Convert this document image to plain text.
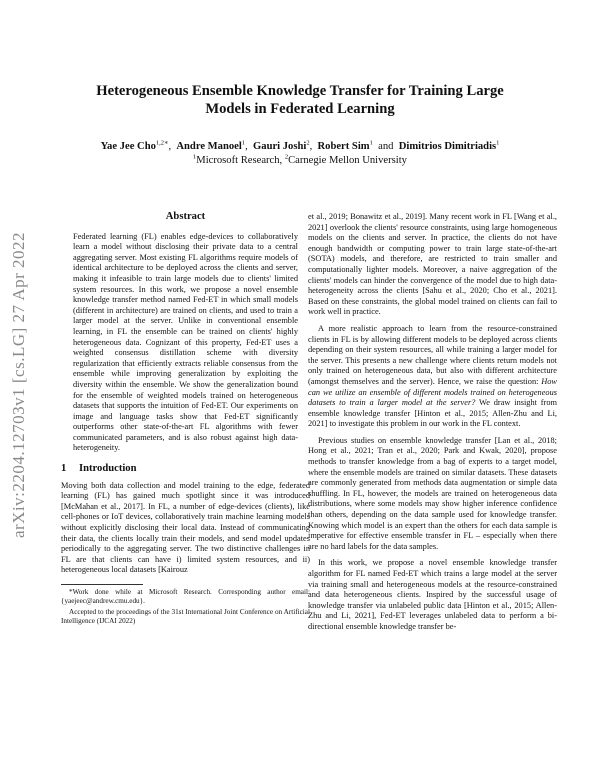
arXiv:2204.12703v1 [cs.LG] 27 Apr 2022
Heterogeneous Ensemble Knowledge Transfer for Training Large Models in Federated Learning
Yae Jee Cho$^{1,2∗}$, Andre Manoel$^1$, Gauri Joshi$^2$, Robert Sim$^1$ and Dimitrios Dimitriadis$^1$
$^1$Microsoft Research, $^2$Carnegie Mellon University
Abstract

Federated learning (FL) enables edge-devices to collaboratively learn a model without disclosing their private data to a central aggregating server. Most existing FL algorithms require models of identical architecture to be deployed across the clients and server, making it infeasible to train large models due to clients' limited system resources. In this work, we propose a novel ensemble knowledge transfer method named Fed-ET in which small models (different in architecture) are trained on clients, and used to train a larger model at the server. Unlike in conventional ensemble learning, in FL the ensemble can be trained on clients' highly heterogeneous data. Cognizant of this property, Fed-ET uses a weighted consensus distillation scheme with diversity regularization that efficiently extracts reliable consensus from the ensemble while improving generalization by exploiting the diversity within the ensemble. We show the generalization bound for the ensemble of weighted models trained on heterogeneous datasets that supports the intuition of Fed-ET. Our experiments on image and language tasks show that Fed-ET significantly outperforms other state-of-the-art FL algorithms with fewer communicated parameters, and is also robust against high data-heterogeneity.

1 Introduction

Moving both data collection and model training to the edge, federated learning (FL) has gained much spotlight since it was introduced [McMahan et al., 2017]. In FL, a number of edge-devices (clients), like cell-phones or IoT devices, collaboratively train machine learning models without explicitly disclosing their local data. Instead of communicating their data, the clients locally train their models, and send model updates periodically to the aggregating server. The two distinctive challenges in FL are that clients can have i) limited system resources, and ii) heterogeneous local datasets [Kairouz

*Work done while at Microsoft Research. Corresponding author email: {yaejeec@andrew.cmu.edu}.

Accepted to the proceedings of the 31st International Joint Conference on Artificial Intelligence (IJCAI 2022)

et al., 2019; Bonawitz et al., 2019]. Many recent work in FL [Wang et al., 2021] overlook the clients' resource constraints, using large homogeneous models on the clients and server. In practice, the clients do not have enough bandwidth or computing power to train large state-of-the-art (SOTA) models, and therefore, are restricted to train smaller and computationally lighter models. Moreover, a naive aggregation of the clients' models can hinder the convergence of the model due to high data-heterogeneity across the clients [Sahu et al., 2020; Cho et al., 2021]. Based on these constraints, the global model trained on clients can fail to work well in practice.

A more realistic approach to learn from the resource-constrained clients in FL is by allowing different models to be deployed across clients depending on their system resources, all while training a larger model for the server. This presents a new challenge where clients return models not only trained on heterogeneous data, but also with different architecture (amongst themselves and the server). Hence, we raise the question: How can we utilize an ensemble of different models trained on heterogeneous datasets to train a larger model at the server? We draw insight from ensemble knowledge transfer [Hinton et al., 2015; Allen-Zhu and Li, 2021] to investigate this problem in our work in the FL context.

Previous studies on ensemble knowledge transfer [Lan et al., 2018; Hong et al., 2021; Tran et al., 2020; Park and Kwak, 2020], propose methods to transfer knowledge from a bag of experts to a target model, where the ensemble models are trained on similar datasets. These datasets are commonly generated from methods data augmentation or simple data shuffling. In FL, however, the models are trained on heterogeneous data distributions, where some models may show higher inference confidence than others, depending on the data sample used for knowledge transfer. Knowing which model is an expert than the others for each data sample is imperative for effective ensemble transfer in FL – especially when there are no hard labels for the data samples.

In this work, we propose a novel ensemble knowledge transfer algorithm for FL named Fed-ET which trains a large model at the server via training small and heterogeneous models at the resource-constrained and data heterogeneous clients. Inspired by the successful usage of knowledge transfer via unlabeled public data [Hinton et al., 2015; Allen-Zhu and Li, 2021], Fed-ET leverages unlabeled data to perform a bi-directional ensemble knowledge transfer be-
